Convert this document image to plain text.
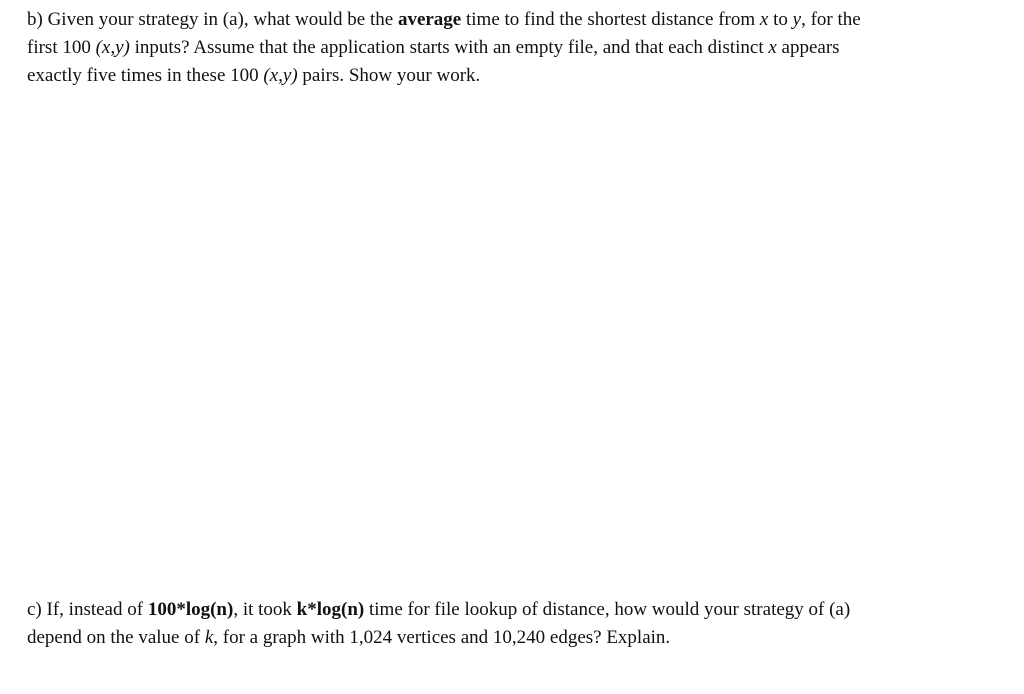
b) Given your strategy in (a), what would be the average time to find the shortest distance from x to y, for the
first 100 (x,y) inputs? Assume that the application starts with an empty file, and that each distinct x appears
exactly five times in these 100 (x,y) pairs. Show your work.
c) If, instead of 100*log(n), it took k*log(n) time for file lookup of distance, how would your strategy of (a)
depend on the value of k, for a graph with 1,024 vertices and 10,240 edges? Explain.
